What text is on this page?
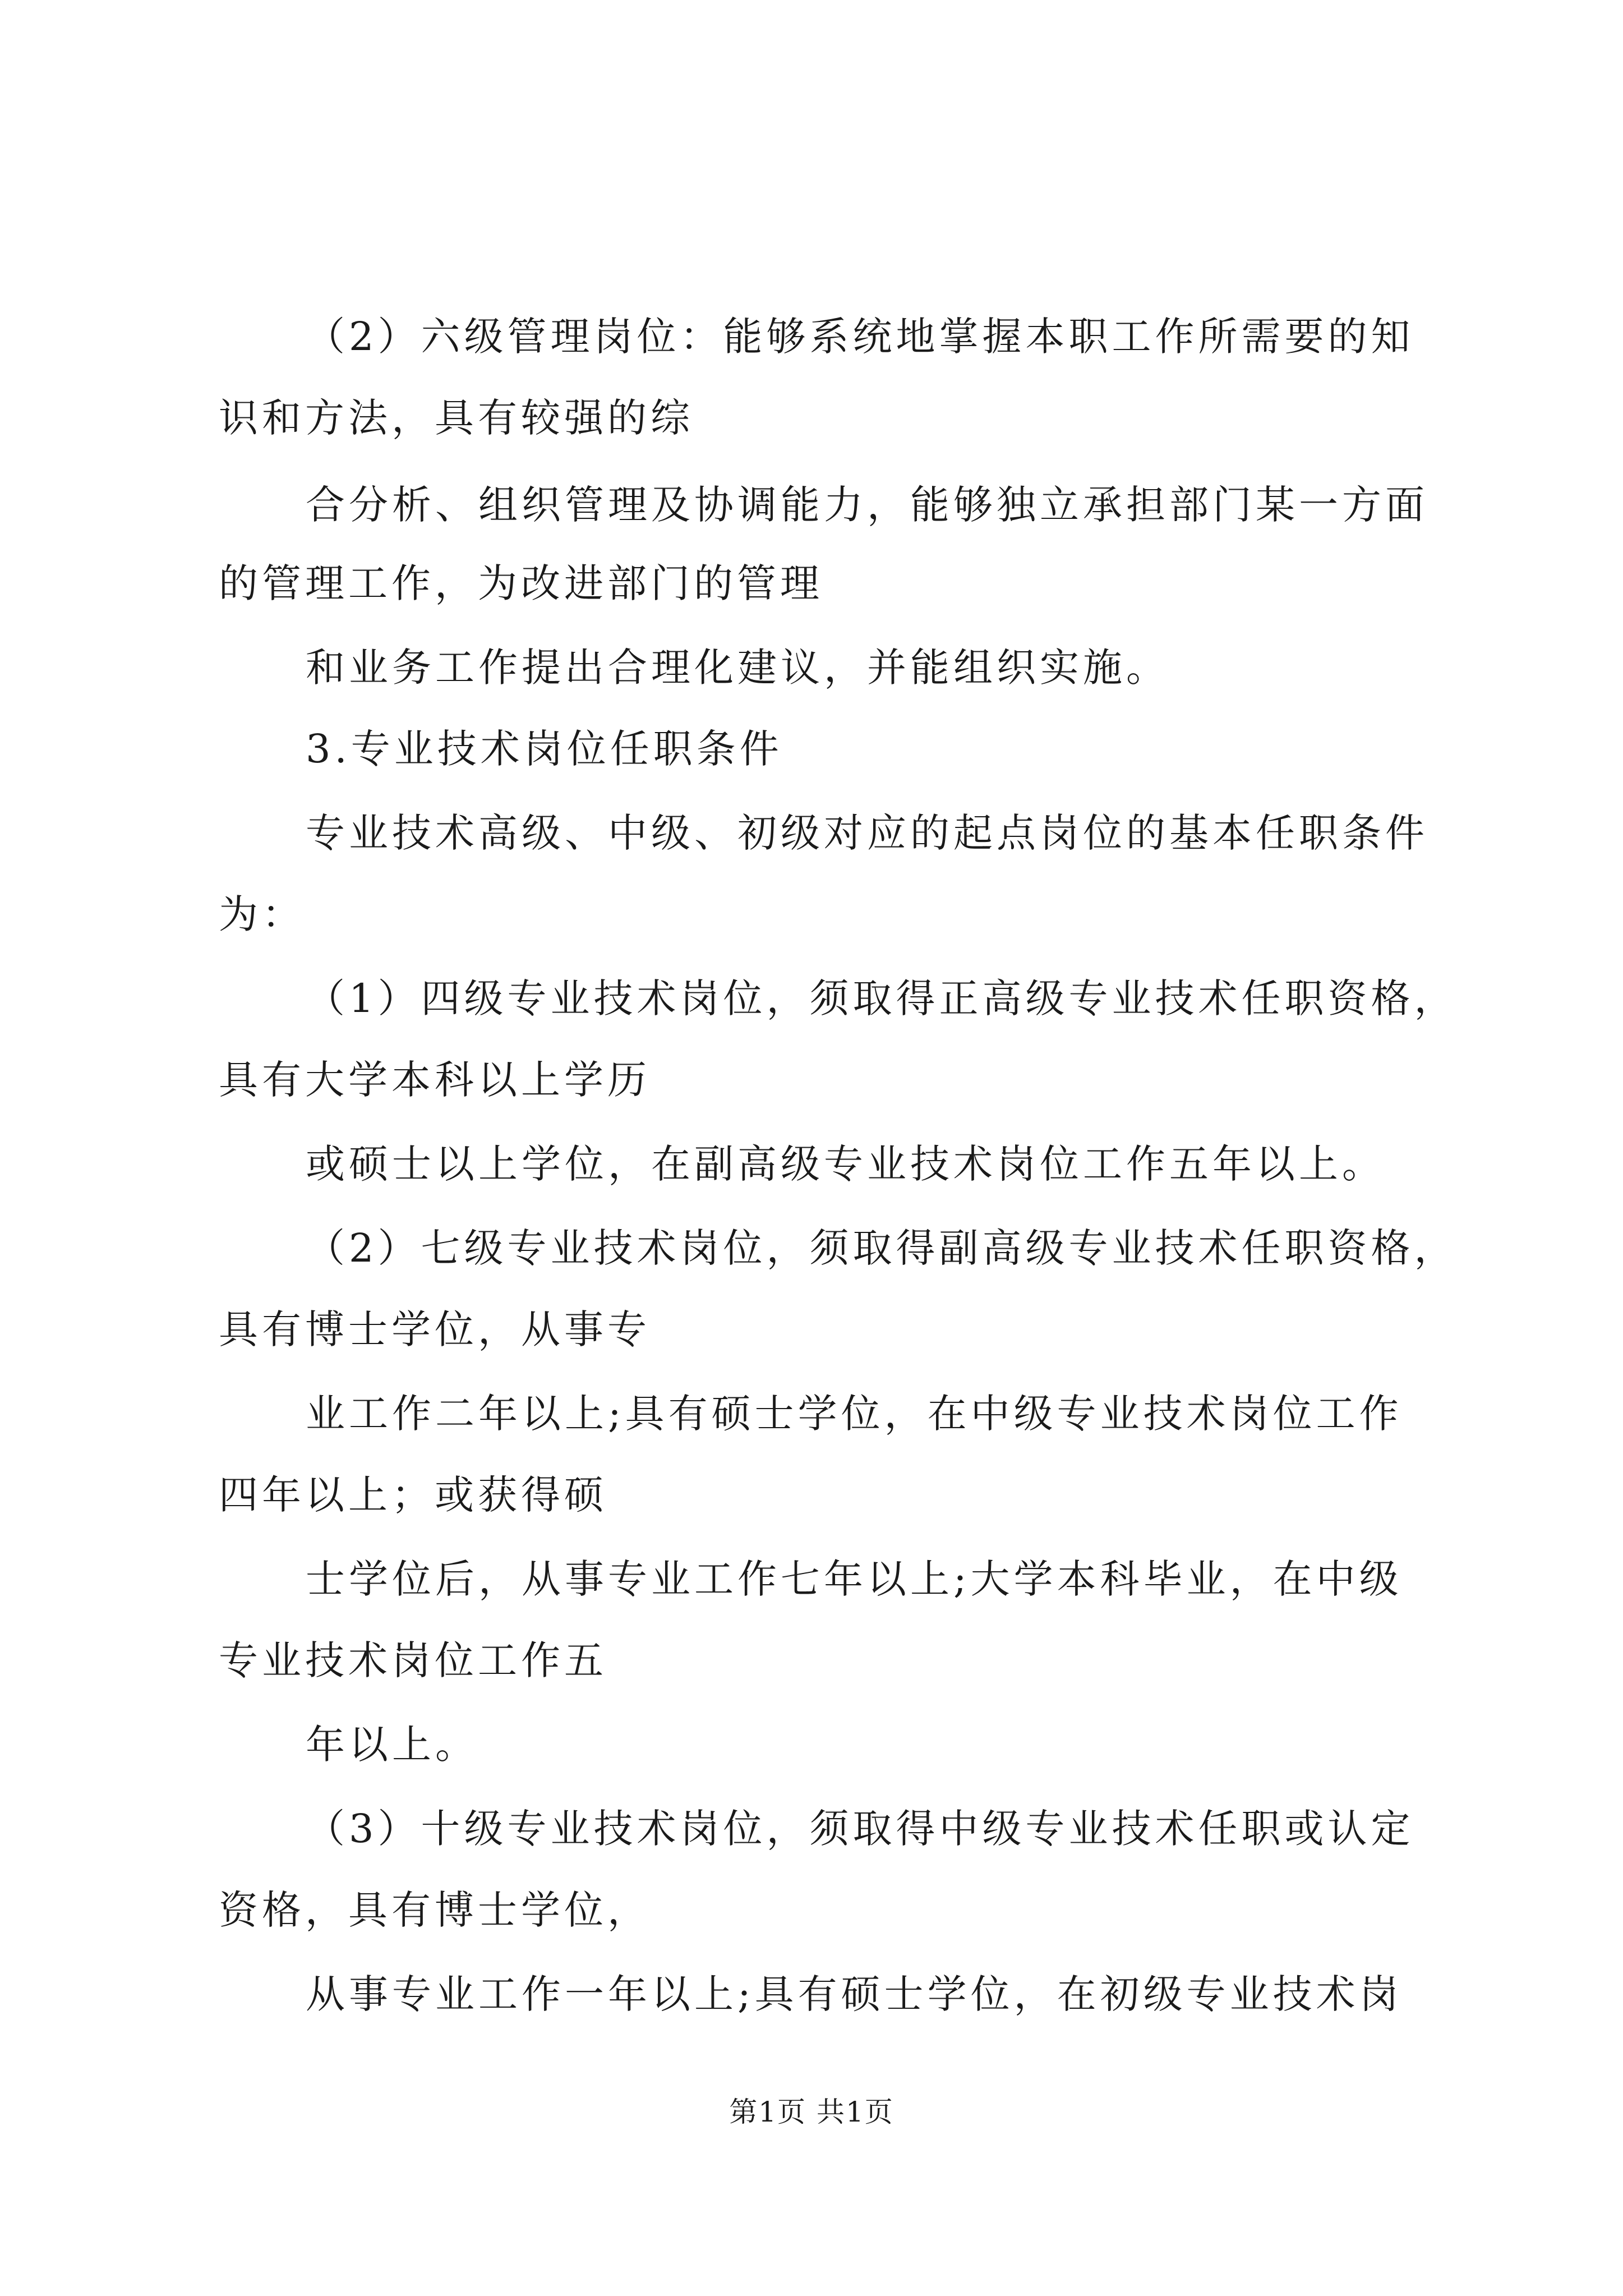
（2）六级管理岗位：能够系统地掌握本职工作所需要的知
识和方法，具有较强的综
合分析、组织管理及协调能力，能够独立承担部门某一方面
的管理工作，为改进部门的管理
和业务工作提出合理化建议，并能组织实施。
3.专业技术岗位任职条件
专业技术高级、中级、初级对应的起点岗位的基本任职条件
为：
（1）四级专业技术岗位，须取得正高级专业技术任职资格，
具有大学本科以上学历
或硕士以上学位，在副高级专业技术岗位工作五年以上。
（2）七级专业技术岗位，须取得副高级专业技术任职资格，
具有博士学位，从事专
业工作二年以上;具有硕士学位，在中级专业技术岗位工作
四年以上；或获得硕
士学位后，从事专业工作七年以上;大学本科毕业，在中级
专业技术岗位工作五
年以上。
（3）十级专业技术岗位，须取得中级专业技术任职或认定
资格，具有博士学位，
从事专业工作一年以上;具有硕士学位，在初级专业技术岗
第1页 共1页
